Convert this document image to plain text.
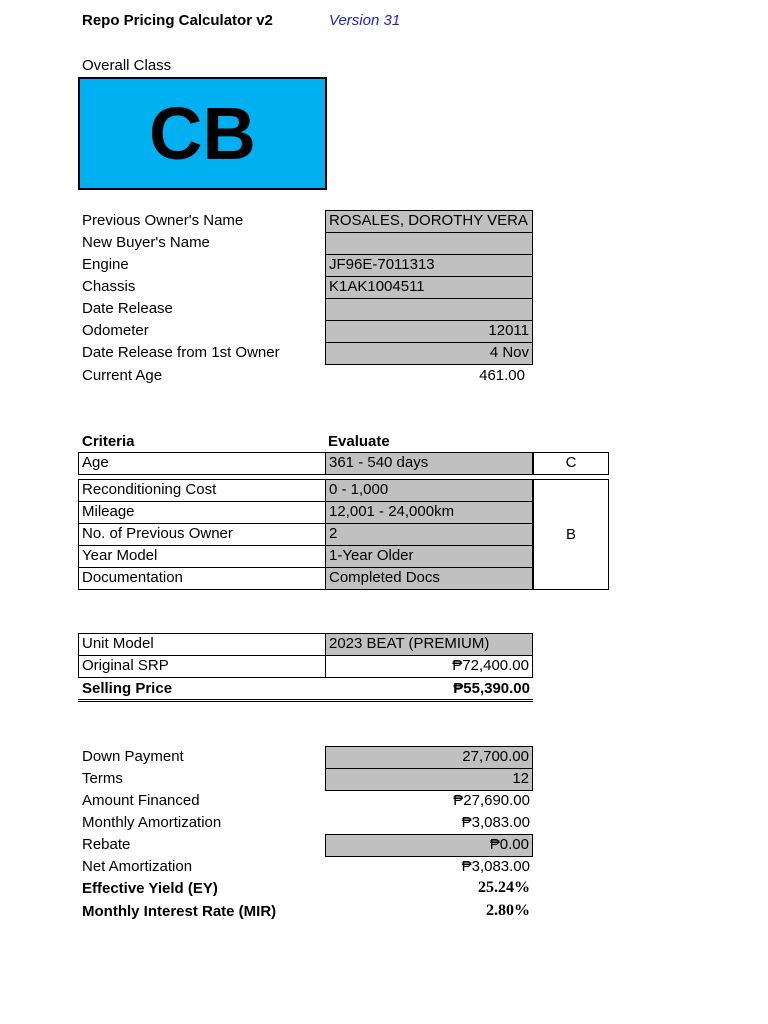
Repo Pricing Calculator v2	Version 31
Overall Class
CB
Previous Owner's Name	ROSALES, DOROTHY VERA
New Buyer's Name
Engine	JF96E-7011313
Chassis	K1AK1004511
Date Release
Odometer	12011
Date Release from 1st Owner	4 Nov
Current Age	461.00
Criteria	Evaluate
Age	361 - 540 days	C
Reconditioning Cost	0 - 1,000
Mileage	12,001 - 24,000km
No. of Previous Owner	2
Year Model	1-Year Older
Documentation	Completed Docs
B
Unit Model	2023 BEAT (PREMIUM)
Original SRP	₱72,400.00
Selling Price	₱55,390.00
Down Payment	27,700.00
Terms	12
Amount Financed	₱27,690.00
Monthly Amortization	₱3,083.00
Rebate	₱0.00
Net Amortization	₱3,083.00
Effective Yield (EY)	25.24%
Monthly Interest Rate (MIR)	2.80%
